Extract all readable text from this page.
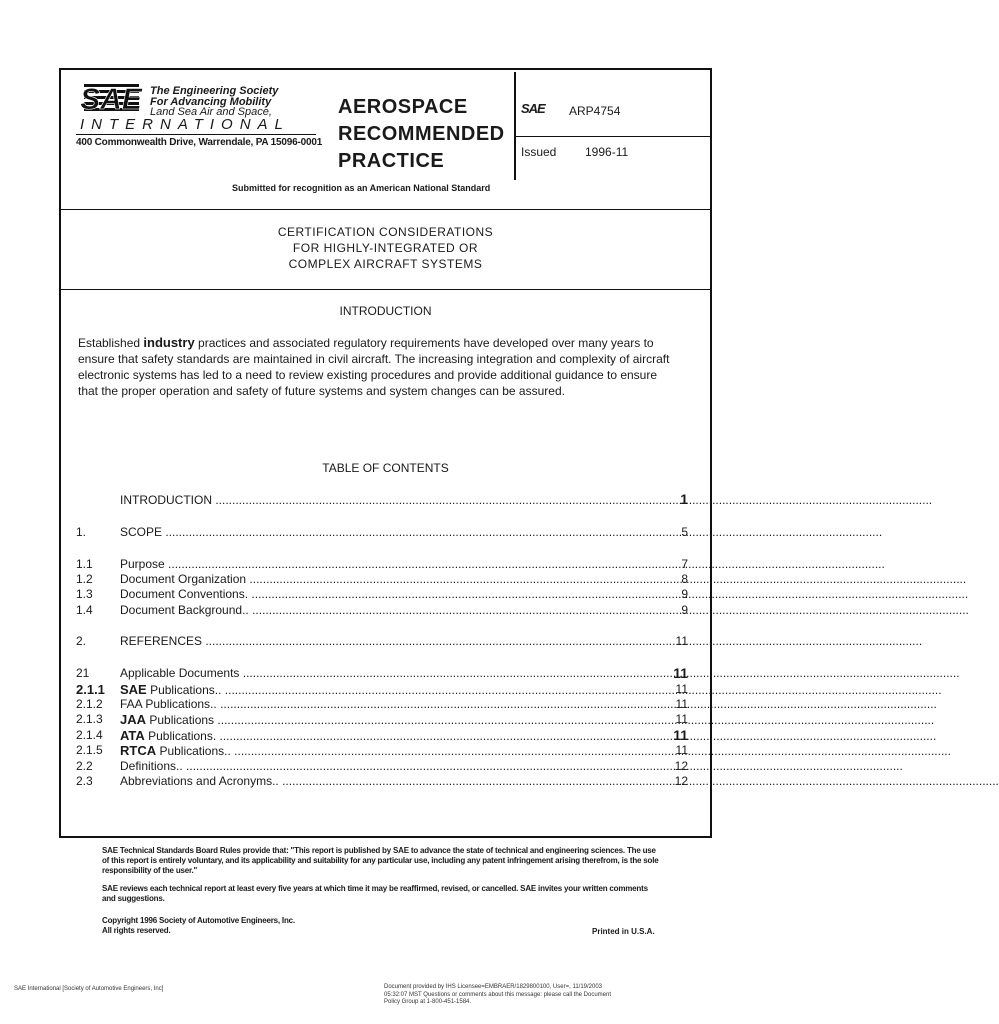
SAE The Engineering Society
For Advancing Mobility
Land Sea Air and Space,
INTERNATIONAL
400 Commonwealth Drive, Warrendale, PA 15096-0001
AEROSPACE
RECOMMENDED
PRACTICE
SAE ARP4754
Issued 1996-11
Submitted for recognition as an American National Standard
CERTIFICATION CONSIDERATIONS
FOR HIGHLY-INTEGRATED OR
COMPLEX AIRCRAFT SYSTEMS
INTRODUCTION
Established industry practices and associated regulatory requirements have developed over many years to ensure that safety standards are maintained in civil aircraft. The increasing integration and complexity of aircraft electronic systems has led to a need to review existing procedures and provide additional guidance to ensure that the proper operation and safety of future systems and system changes can be assured.
TABLE OF CONTENTS
INTRODUCTION .....	1
1.	SCOPE .....	5
1.1 Purpose .....	7
1.2 Document Organization .....	8
1.3 Document Conventions. .....	9
1.4 Document Background.. .....	9
2.	REFERENCES .....	11
21	Applicable Documents .....	11
2.1.1 SAE Publications.. .....	11
2.1.2 FAA Publications.. .....	11
2.1.3 JAA Publications .....	11
2.1.4 ATA Publications. .....	11
2.1.5 RTCA Publications.. .....	11
2.2 Definitions.. .....	12
2.3 Abbreviations and Acronyms.. .....	12
SAE Technical Standards Board Rules provide that: "This report is published by SAE to advance the state of technical and engineering sciences. The use of this report is entirely voluntary, and its applicability and suitability for any particular use, including any patent infringement arising therefrom, is the sole responsibility of the user."
SAE reviews each technical report at least every five years at which time it may be reaffirmed, revised, or cancelled. SAE invites your written comments and suggestions.
Copyright 1996 Society of Automotive Engineers, Inc.
All rights reserved.	Printed in U.S.A.
SAE International [Society of Automotive Engineers, Inc]	Document provided by IHS Licensee=EMBRAER/1829800100, User=, 11/19/2003
05:32:07 MST Questions or comments about this message: please call the Document
Policy Group at 1-800-451-1584.
